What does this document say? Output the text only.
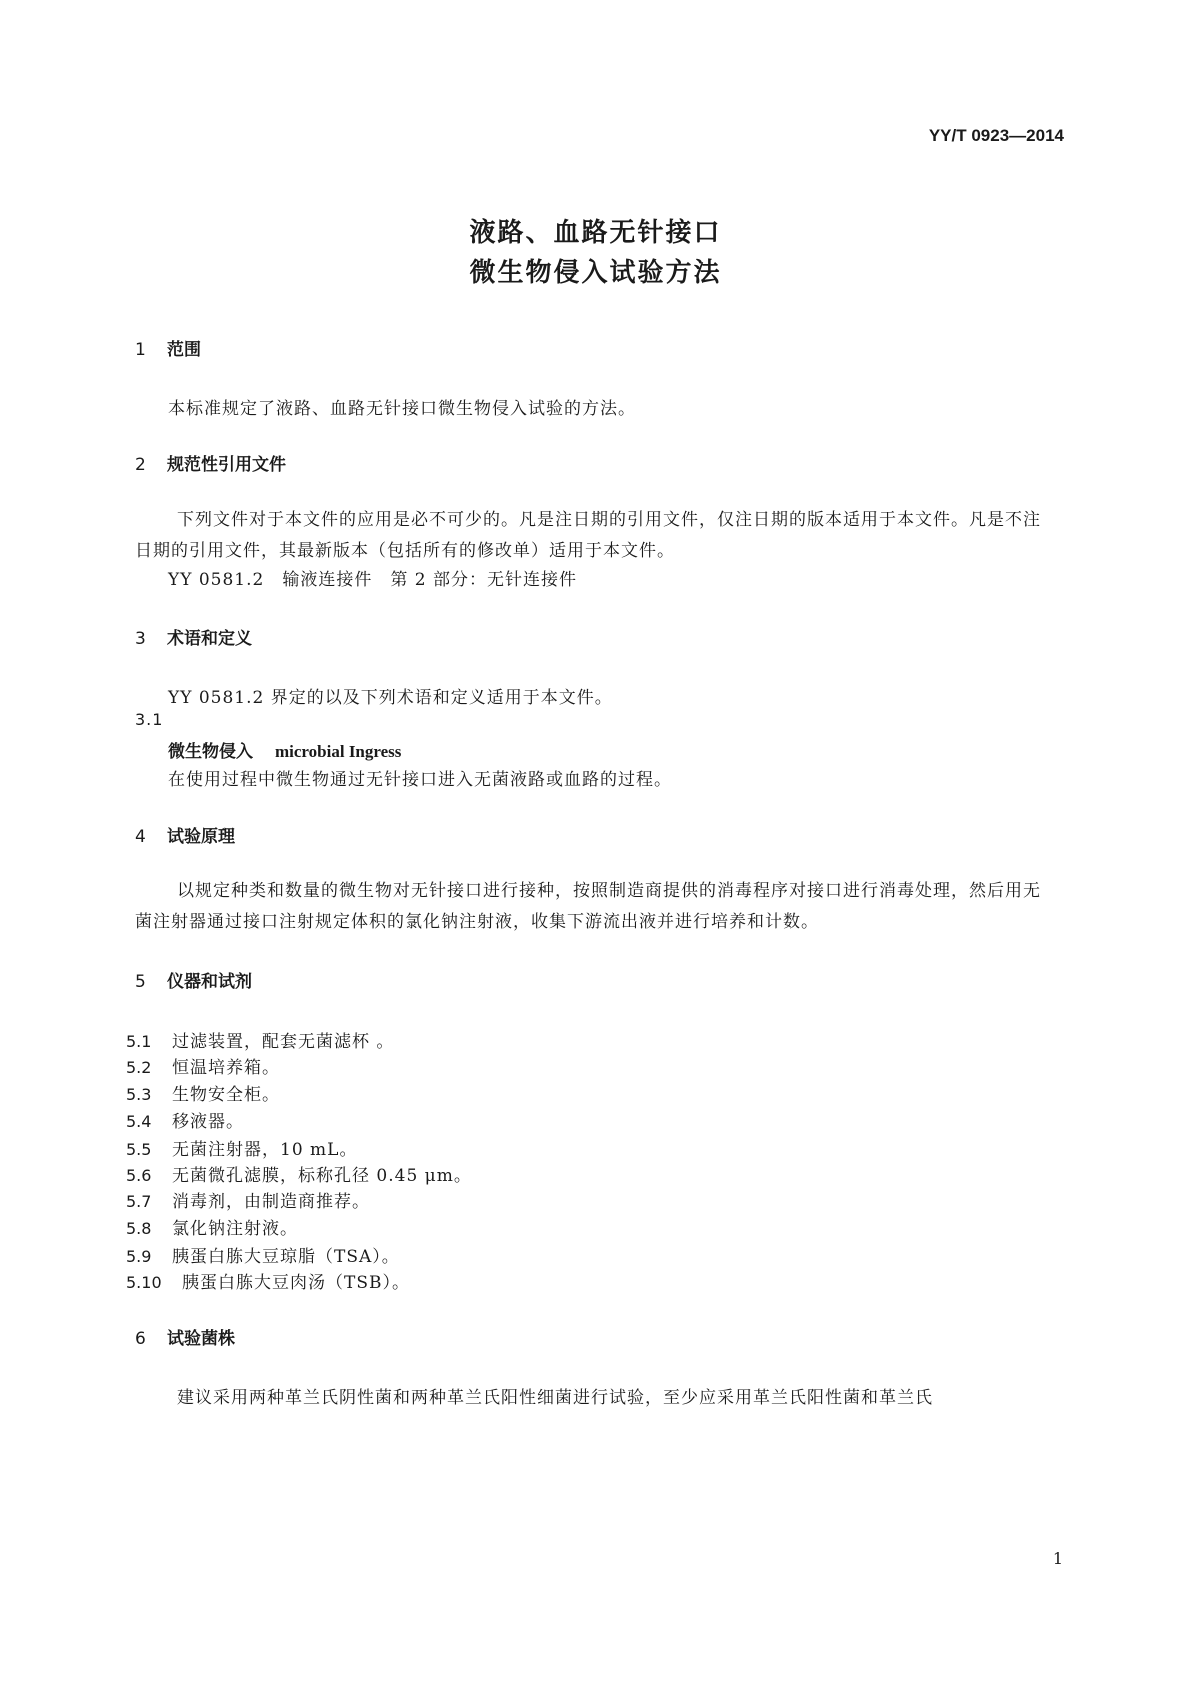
YY/T 0923—2014
液路、血路无针接口
微生物侵入试验方法
1 范围
本标准规定了液路、血路无针接口微生物侵入试验的方法。
2 规范性引用文件
下列文件对于本文件的应用是必不可少的。凡是注日期的引用文件，仅注日期的版本适用于本文件。凡是不注日期的引用文件，其最新版本（包括所有的修改单）适用于本文件。
YY 0581.2　输液连接件　第 2 部分：无针连接件
3 术语和定义
YY 0581.2 界定的以及下列术语和定义适用于本文件。
3.1
微生物侵入 microbial Ingress
在使用过程中微生物通过无针接口进入无菌液路或血路的过程。
4 试验原理
以规定种类和数量的微生物对无针接口进行接种，按照制造商提供的消毒程序对接口进行消毒处理，然后用无菌注射器通过接口注射规定体积的氯化钠注射液，收集下游流出液并进行培养和计数。
5 仪器和试剂
5.1 过滤装置，配套无菌滤杯 。
5.2 恒温培养箱。
5.3 生物安全柜。
5.4 移液器。
5.5 无菌注射器，10 mL。
5.6 无菌微孔滤膜，标称孔径 0.45 μm。
5.7 消毒剂，由制造商推荐。
5.8 氯化钠注射液。
5.9 胰蛋白胨大豆琼脂（TSA）。
5.10 胰蛋白胨大豆肉汤（TSB）。
6 试验菌株
建议采用两种革兰氏阴性菌和两种革兰氏阳性细菌进行试验，至少应采用革兰氏阳性菌和革兰氏
1
